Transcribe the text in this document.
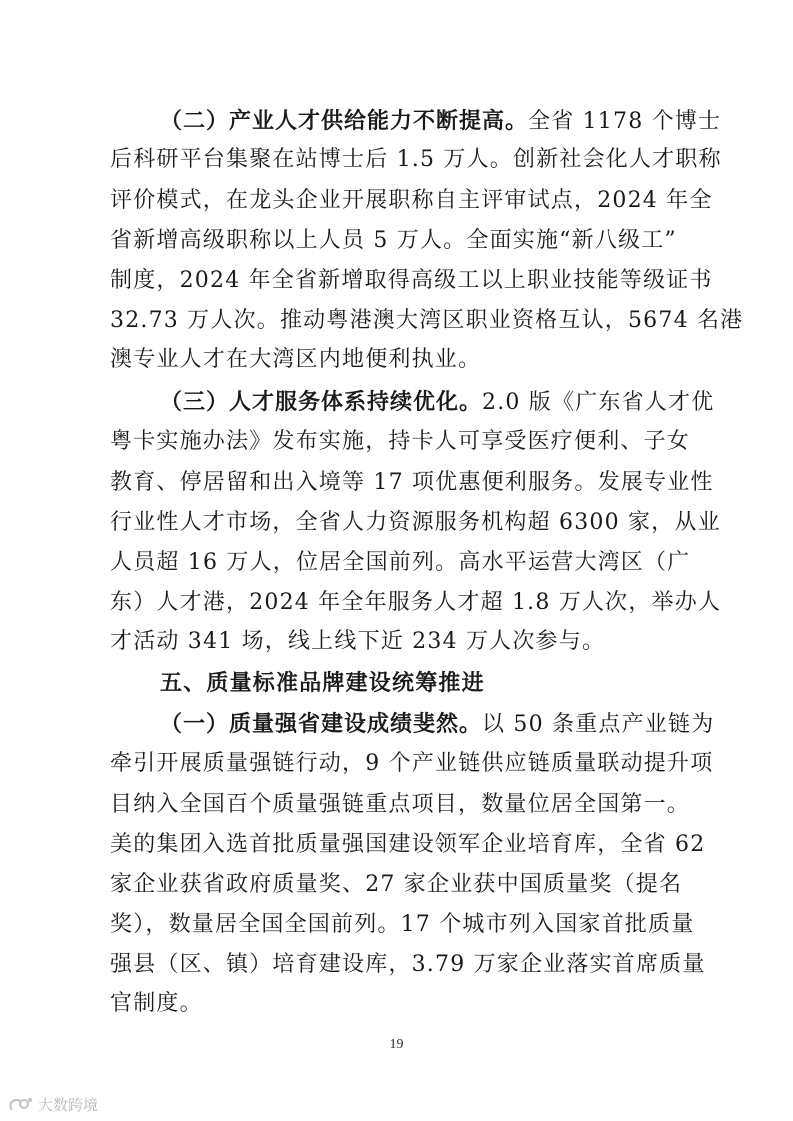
（二）产业人才供给能力不断提高。全省 1178 个博士
后科研平台集聚在站博士后 1.5 万人。创新社会化人才职称
评价模式，在龙头企业开展职称自主评审试点，2024 年全
省新增高级职称以上人员 5 万人。全面实施“新八级工”
制度，2024 年全省新增取得高级工以上职业技能等级证书
32.73 万人次。推动粤港澳大湾区职业资格互认，5674 名港
澳专业人才在大湾区内地便利执业。
（三）人才服务体系持续优化。2.0 版《广东省人才优
粤卡实施办法》发布实施，持卡人可享受医疗便利、子女
教育、停居留和出入境等 17 项优惠便利服务。发展专业性
行业性人才市场，全省人力资源服务机构超 6300 家，从业
人员超 16 万人，位居全国前列。高水平运营大湾区（广
东）人才港，2024 年全年服务人才超 1.8 万人次，举办人
才活动 341 场，线上线下近 234 万人次参与。
五、质量标准品牌建设统筹推进
（一）质量强省建设成绩斐然。以 50 条重点产业链为
牵引开展质量强链行动，9 个产业链供应链质量联动提升项
目纳入全国百个质量强链重点项目，数量位居全国第一。
美的集团入选首批质量强国建设领军企业培育库，全省 62
家企业获省政府质量奖、27 家企业获中国质量奖（提名
奖），数量居全国全国前列。17 个城市列入国家首批质量
强县（区、镇）培育建设库，3.79 万家企业落实首席质量
官制度。
19
大数跨境
